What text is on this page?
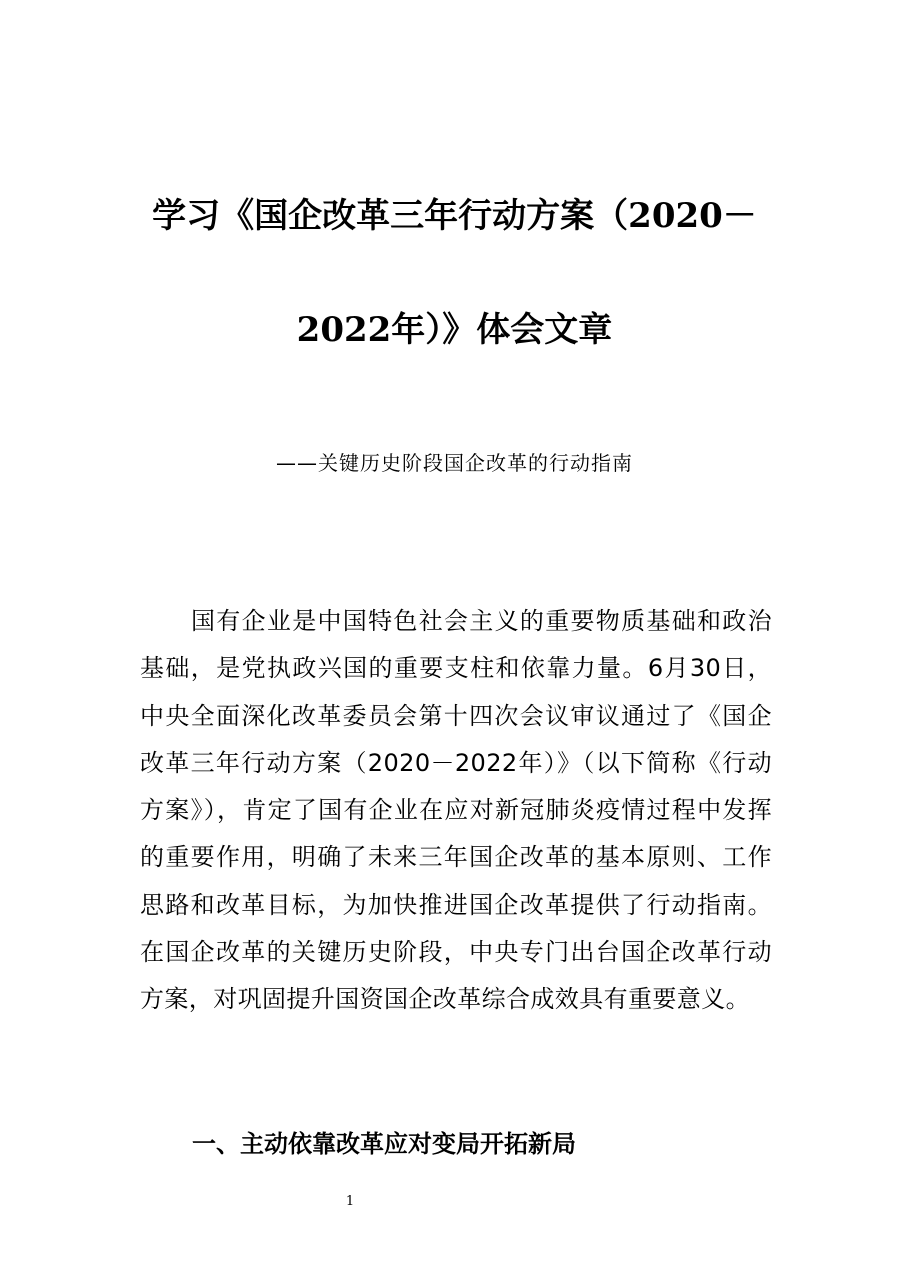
学习《国企改革三年行动方案（2020－
2022年）》体会文章
——关键历史阶段国企改革的行动指南

国有企业是中国特色社会主义的重要物质基础和政治基础，是党执政兴国的重要支柱和依靠力量。6月30日，中央全面深化改革委员会第十四次会议审议通过了《国企改革三年行动方案（2020－2022年）》（以下简称《行动方案》），肯定了国有企业在应对新冠肺炎疫情过程中发挥的重要作用，明确了未来三年国企改革的基本原则、工作思路和改革目标，为加快推进国企改革提供了行动指南。在国企改革的关键历史阶段，中央专门出台国企改革行动方案，对巩固提升国资国企改革综合成效具有重要意义。

一、主动依靠改革应对变局开拓新局
1
